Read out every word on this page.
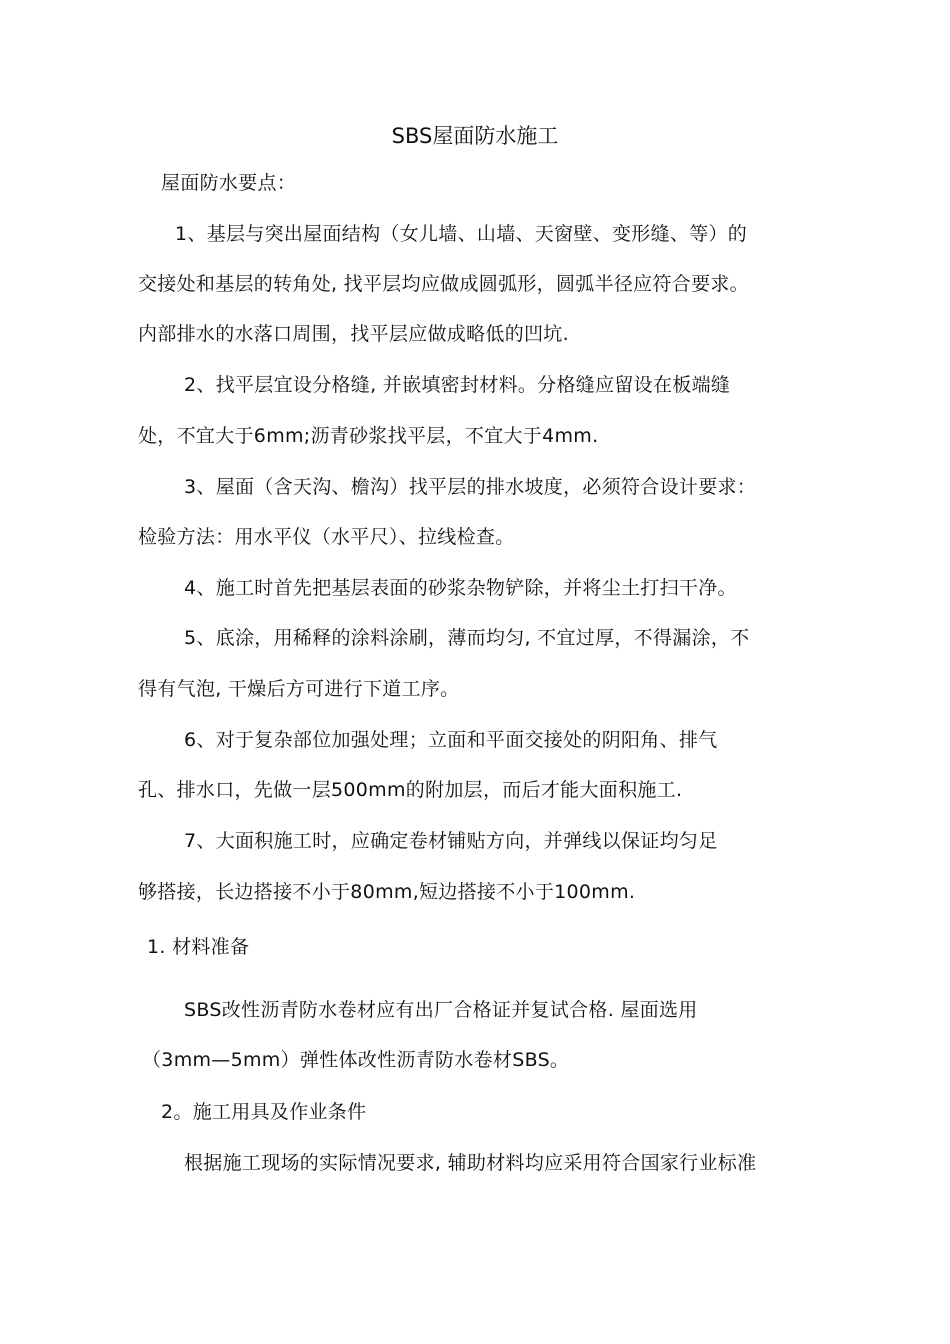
SBS屋面防水施工
屋面防水要点：
1、基层与突出屋面结构（女儿墙、山墙、天窗壁、变形缝、等）的
交接处和基层的转角处, 找平层均应做成圆弧形，圆弧半径应符合要求。
内部排水的水落口周围，找平层应做成略低的凹坑.
2、找平层宜设分格缝, 并嵌填密封材料。分格缝应留设在板端缝
处，不宜大于6mm;沥青砂浆找平层，不宜大于4mm.
3、屋面（含天沟、檐沟）找平层的排水坡度，必须符合设计要求：
检验方法：用水平仪（水平尺）、拉线检查。
4、施工时首先把基层表面的砂浆杂物铲除，并将尘土打扫干净。
5、底涂，用稀释的涂料涂刷，薄而均匀, 不宜过厚，不得漏涂，不
得有气泡, 干燥后方可进行下道工序。
6、对于复杂部位加强处理；立面和平面交接处的阴阳角、排气
孔、排水口，先做一层500mm的附加层，而后才能大面积施工.
7、大面积施工时，应确定卷材铺贴方向，并弹线以保证均匀足
够搭接，长边搭接不小于80mm,短边搭接不小于100mm.
1. 材料准备
SBS改性沥青防水卷材应有出厂合格证并复试合格. 屋面选用
（3mm—5mm）弹性体改性沥青防水卷材SBS。
2。施工用具及作业条件
根据施工现场的实际情况要求, 辅助材料均应采用符合国家行业标准
